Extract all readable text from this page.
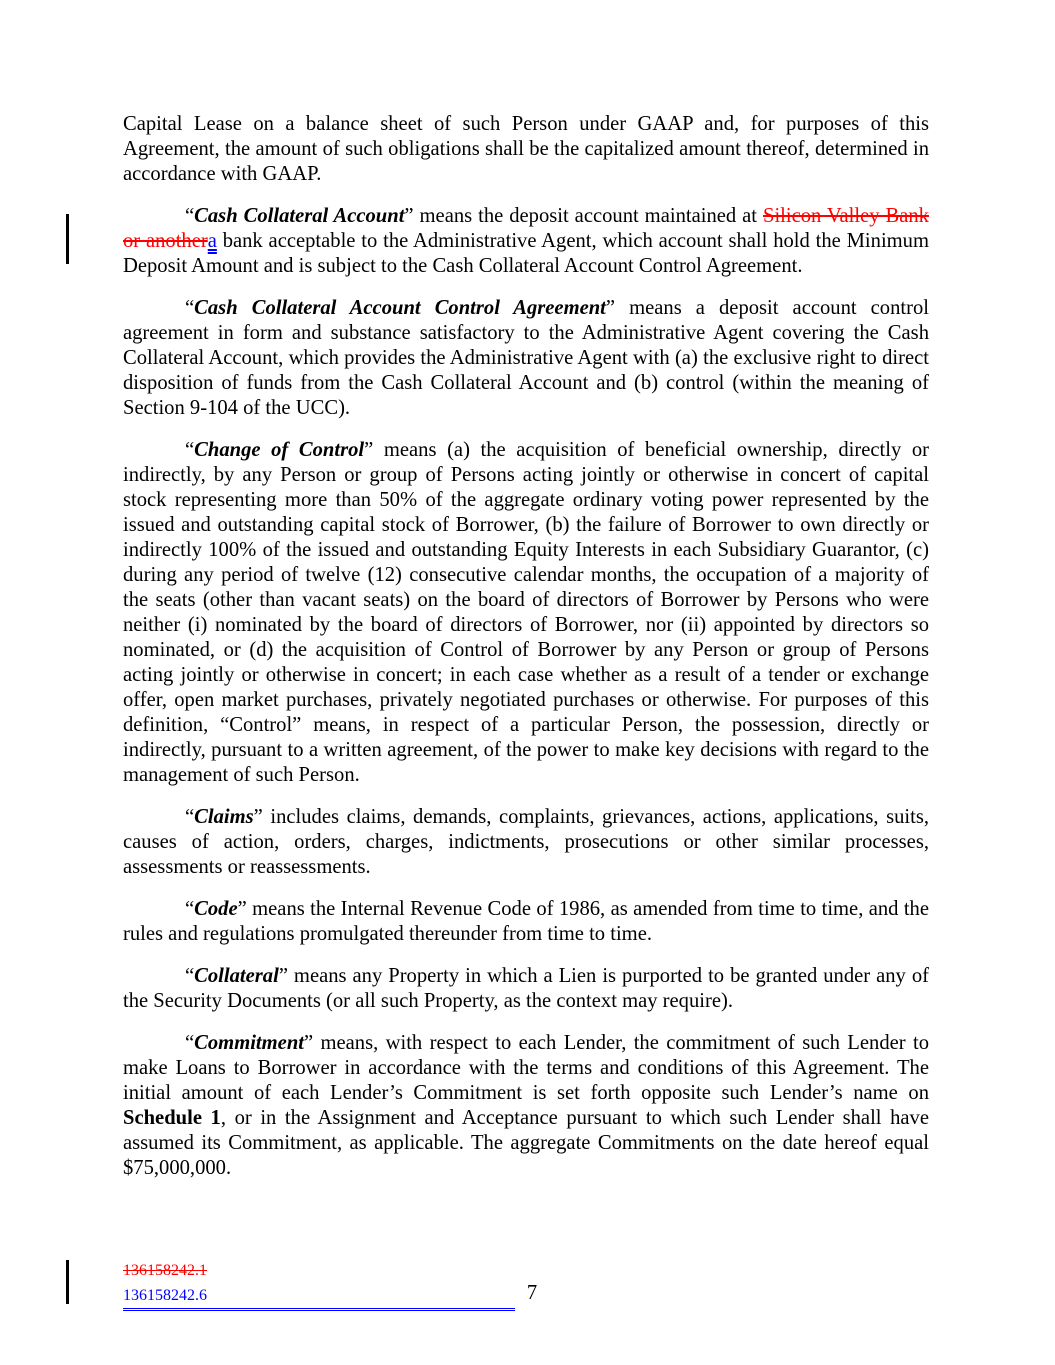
Capital Lease on a balance sheet of such Person under GAAP and, for purposes of this Agreement, the amount of such obligations shall be the capitalized amount thereof, determined in accordance with GAAP.

“Cash Collateral Account” means the deposit account maintained at Silicon Valley Bank or anothera bank acceptable to the Administrative Agent, which account shall hold the Minimum Deposit Amount and is subject to the Cash Collateral Account Control Agreement.

“Cash Collateral Account Control Agreement” means a deposit account control agreement in form and substance satisfactory to the Administrative Agent covering the Cash Collateral Account, which provides the Administrative Agent with (a) the exclusive right to direct disposition of funds from the Cash Collateral Account and (b) control (within the meaning of Section 9-104 of the UCC).

“Change of Control” means (a) the acquisition of beneficial ownership, directly or indirectly, by any Person or group of Persons acting jointly or otherwise in concert of capital stock representing more than 50% of the aggregate ordinary voting power represented by the issued and outstanding capital stock of Borrower, (b) the failure of Borrower to own directly or indirectly 100% of the issued and outstanding Equity Interests in each Subsidiary Guarantor, (c) during any period of twelve (12) consecutive calendar months, the occupation of a majority of the seats (other than vacant seats) on the board of directors of Borrower by Persons who were neither (i) nominated by the board of directors of Borrower, nor (ii) appointed by directors so nominated, or (d) the acquisition of Control of Borrower by any Person or group of Persons acting jointly or otherwise in concert; in each case whether as a result of a tender or exchange offer, open market purchases, privately negotiated purchases or otherwise. For purposes of this definition, “Control” means, in respect of a particular Person, the possession, directly or indirectly, pursuant to a written agreement, of the power to make key decisions with regard to the management of such Person.

“Claims” includes claims, demands, complaints, grievances, actions, applications, suits, causes of action, orders, charges, indictments, prosecutions or other similar processes, assessments or reassessments.

“Code” means the Internal Revenue Code of 1986, as amended from time to time, and the rules and regulations promulgated thereunder from time to time.

“Collateral” means any Property in which a Lien is purported to be granted under any of the Security Documents (or all such Property, as the context may require).

“Commitment” means, with respect to each Lender, the commitment of such Lender to make Loans to Borrower in accordance with the terms and conditions of this Agreement. The initial amount of each Lender’s Commitment is set forth opposite such Lender’s name on Schedule 1, or in the Assignment and Acceptance pursuant to which such Lender shall have assumed its Commitment, as applicable. The aggregate Commitments on the date hereof equal $75,000,000.

136158242.1
136158242.6	7
